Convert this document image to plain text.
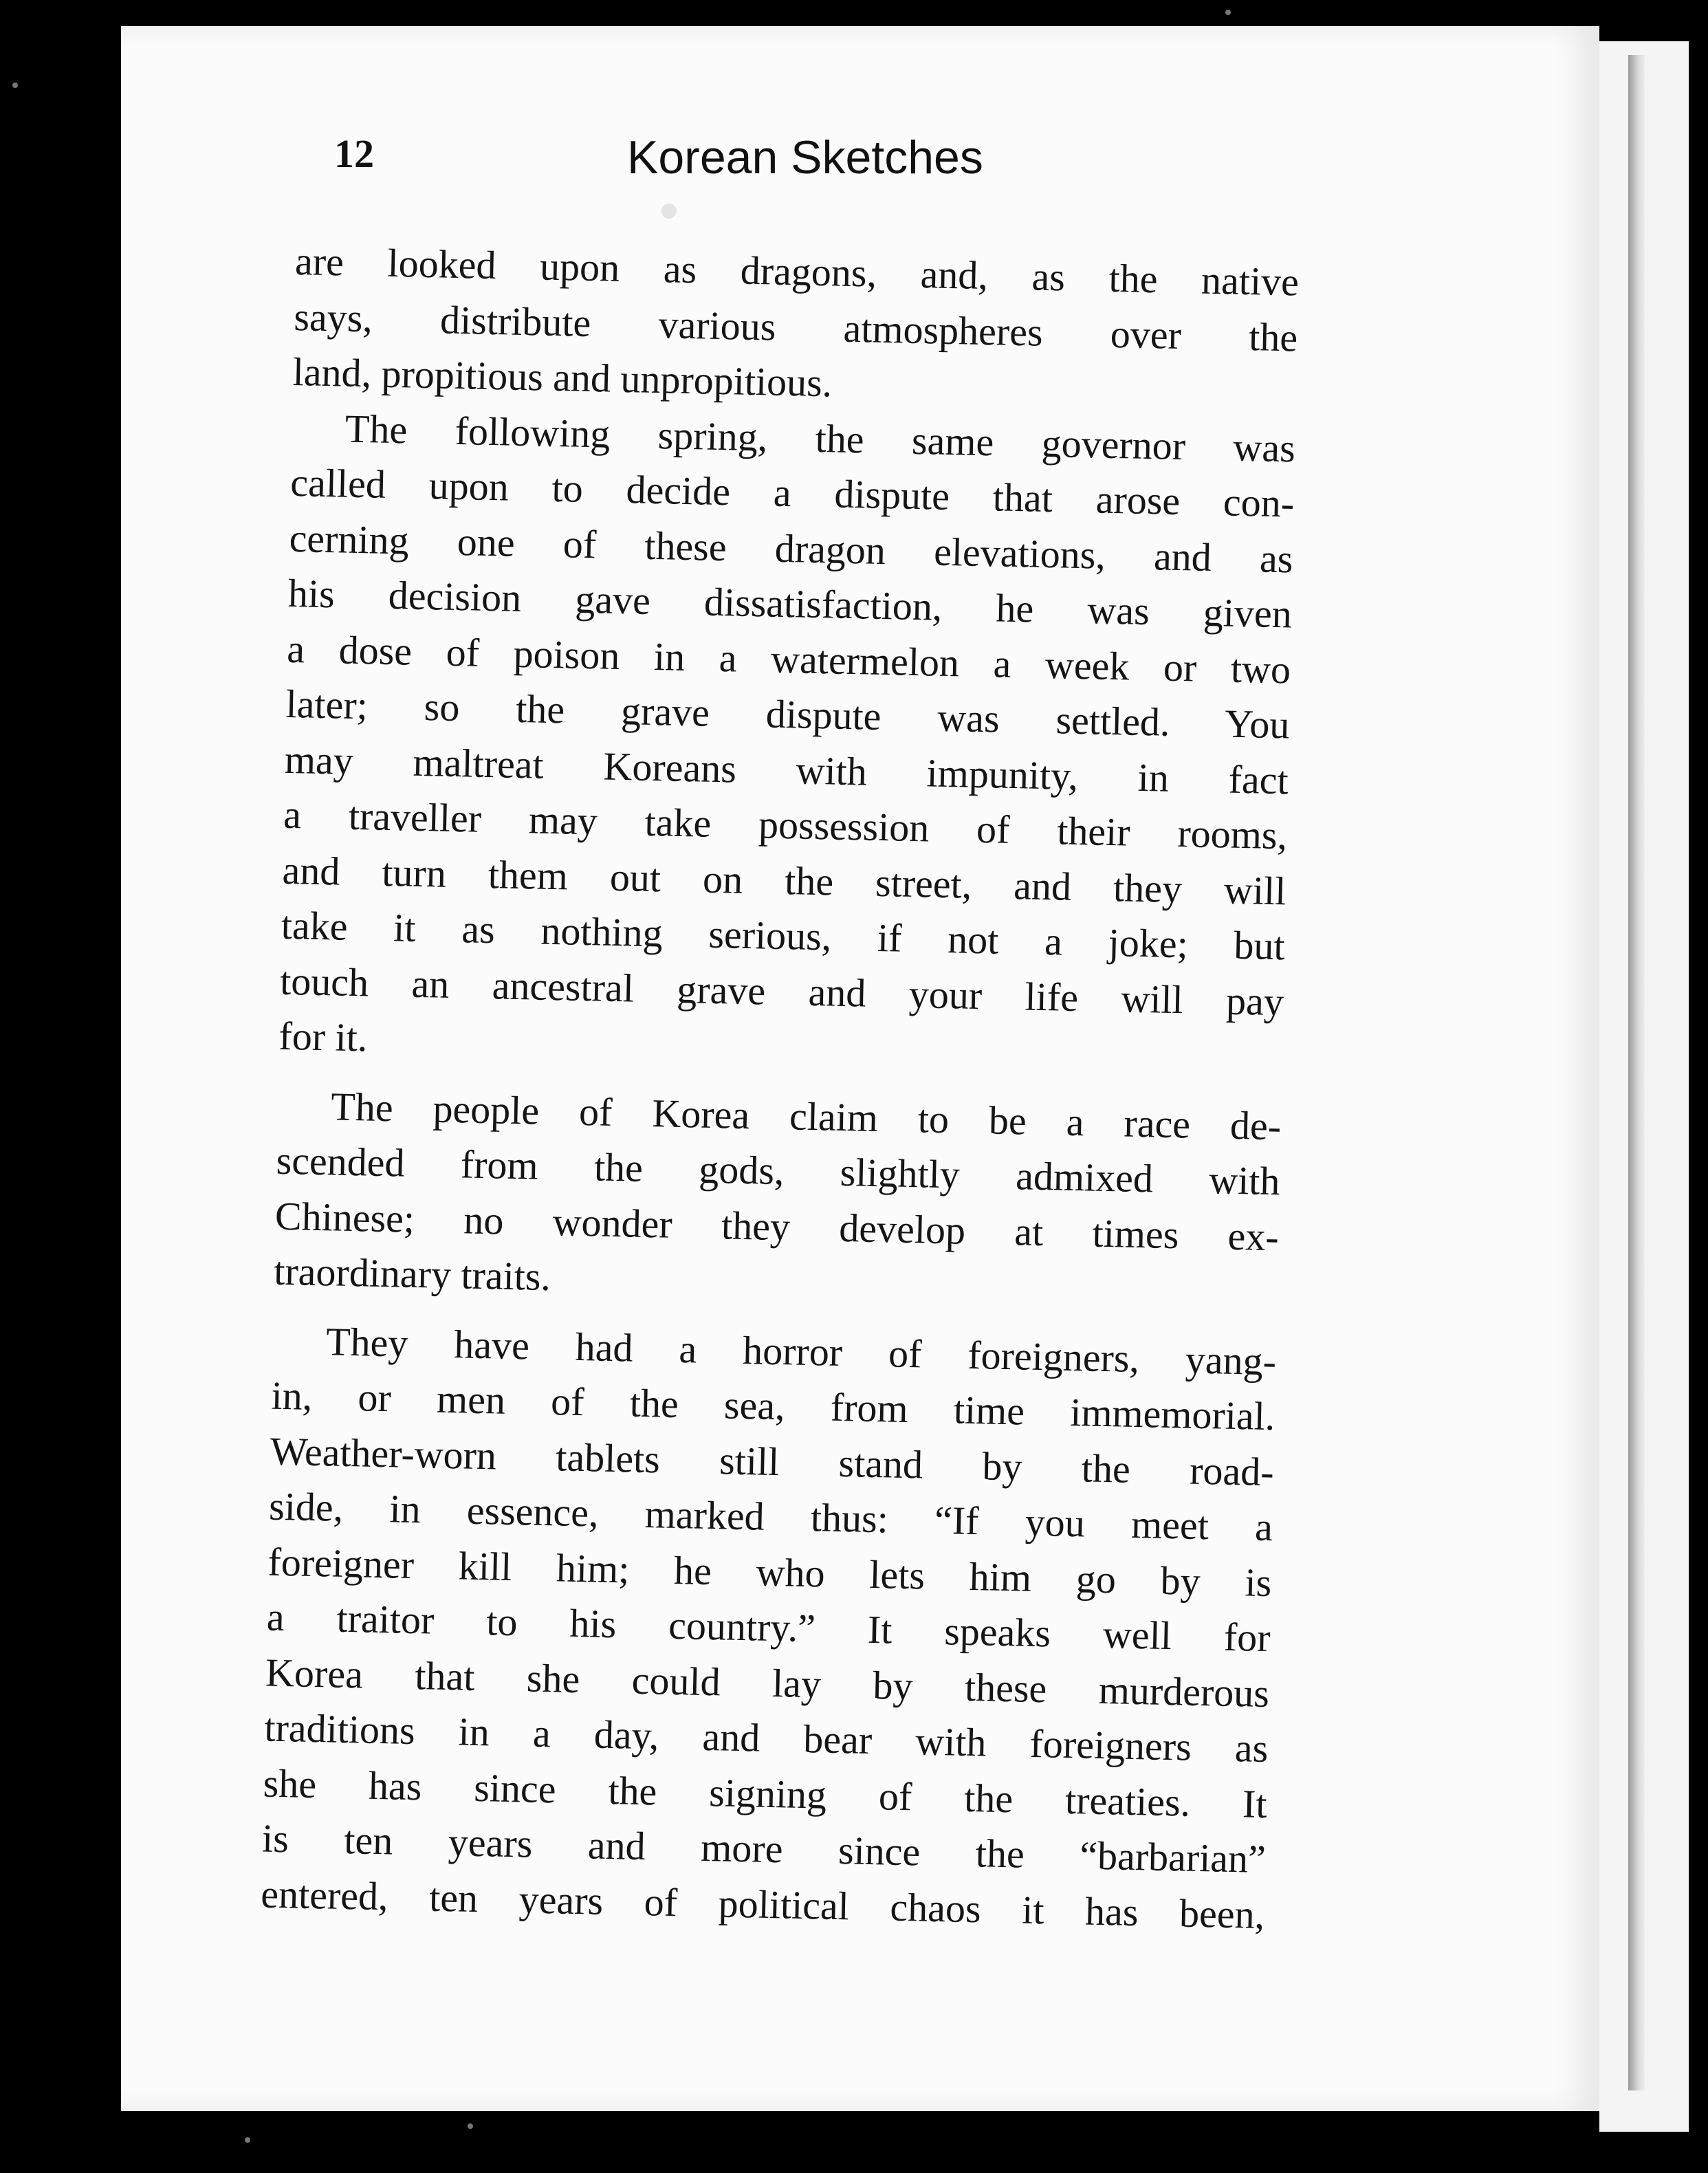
12	Korean Sketches
are looked upon as dragons, and, as the native
says, distribute various atmospheres over the
land, propitious and unpropitious.
The following spring, the same governor was
called upon to decide a dispute that arose con-
cerning one of these dragon elevations, and as
his decision gave dissatisfaction, he was given
a dose of poison in a watermelon a week or two
later; so the grave dispute was settled. You
may maltreat Koreans with impunity, in fact
a traveller may take possession of their rooms,
and turn them out on the street, and they will
take it as nothing serious, if not a joke; but
touch an ancestral grave and your life will pay
for it.
The people of Korea claim to be a race de-
scended from the gods, slightly admixed with
Chinese; no wonder they develop at times ex-
traordinary traits.
They have had a horror of foreigners, yang-
in, or men of the sea, from time immemorial.
Weather-worn tablets still stand by the road-
side, in essence, marked thus: “If you meet a
foreigner kill him; he who lets him go by is
a traitor to his country.” It speaks well for
Korea that she could lay by these murderous
traditions in a day, and bear with foreigners as
she has since the signing of the treaties. It
is ten years and more since the “barbarian”
entered, ten years of political chaos it has been,
